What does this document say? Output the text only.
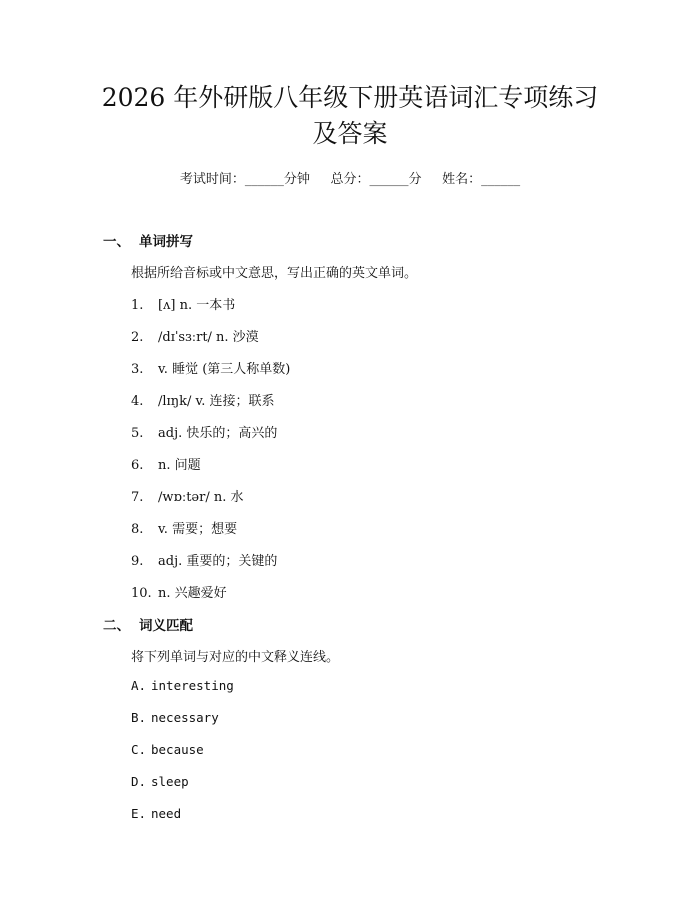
2026 年外研版八年级下册英语词汇专项练习
及答案
考试时间：______分钟     总分：______分     姓名：______
一、 单词拼写
根据所给音标或中文意思，写出正确的英文单词。
1. [ʌ] n. 一本书
2. /dɪˈsɜːrt/ n. 沙漠
3. v. 睡觉 (第三人称单数)
4. /lɪŋk/ v. 连接；联系
5. adj. 快乐的；高兴的
6. n. 问题
7. /wɒːtər/ n. 水
8. v. 需要；想要
9. adj. 重要的；关键的
10. n. 兴趣爱好
二、 词义匹配
将下列单词与对应的中文释义连线。
A. interesting
B. necessary
C. because
D. sleep
E. need
